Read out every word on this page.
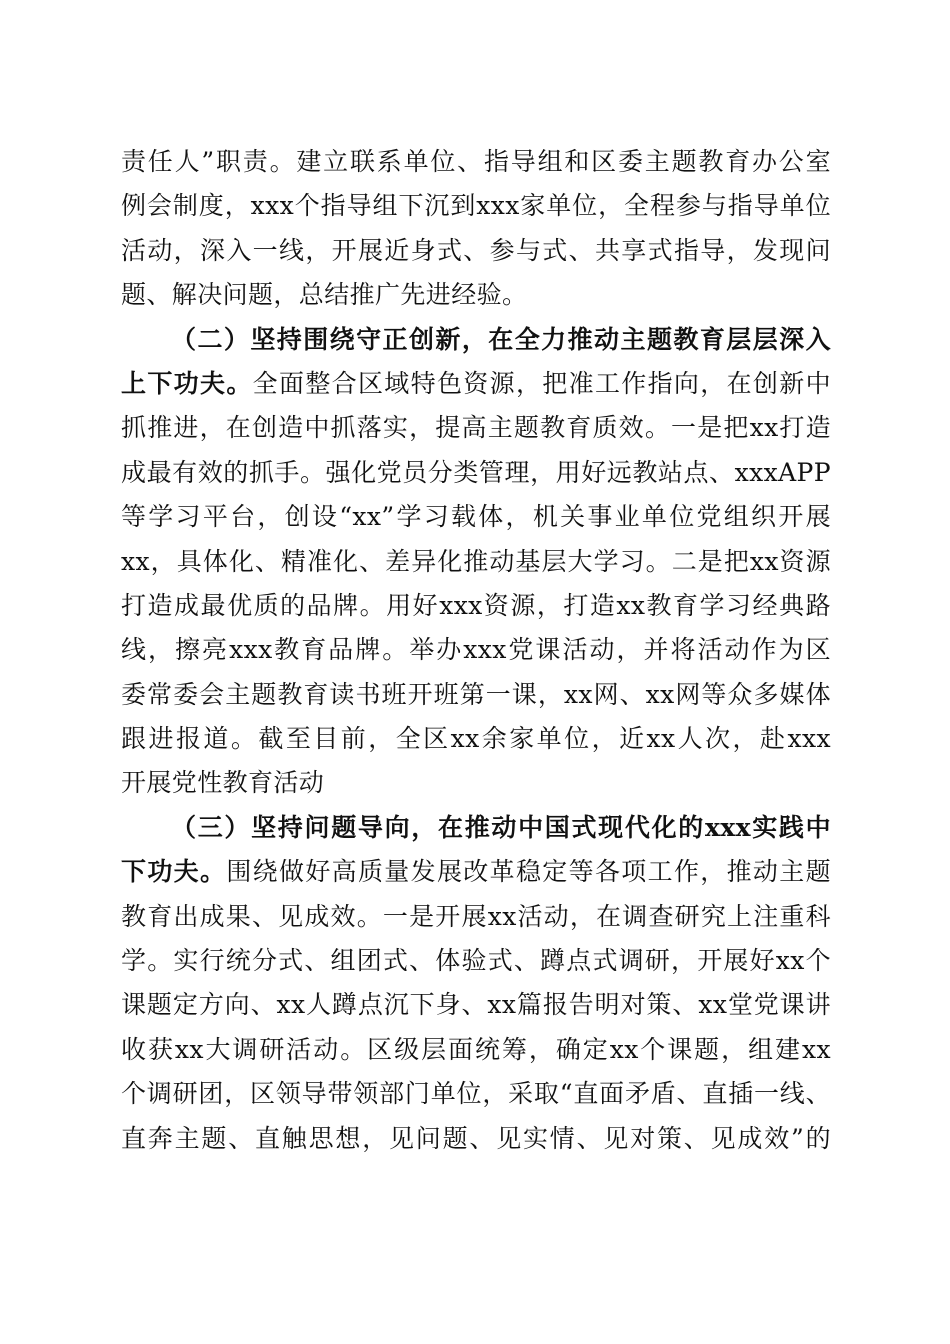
责任人”职责。建立联系单位、指导组和区委主题教育办公室
例会制度，xxx个指导组下沉到xxx家单位，全程参与指导单位
活动，深入一线，开展近身式、参与式、共享式指导，发现问
题、解决问题，总结推广先进经验。
（二）坚持围绕守正创新，在全力推动主题教育层层深入
上下功夫。全面整合区域特色资源，把准工作指向，在创新中
抓推进，在创造中抓落实，提高主题教育质效。一是把xx打造
成最有效的抓手。强化党员分类管理，用好远教站点、xxxAPP
等学习平台，创设“xx”学习载体，机关事业单位党组织开展
xx，具体化、精准化、差异化推动基层大学习。二是把xx资源
打造成最优质的品牌。用好xxx资源，打造xx教育学习经典路
线，擦亮xxx教育品牌。举办xxx党课活动，并将活动作为区
委常委会主题教育读书班开班第一课，xx网、xx网等众多媒体
跟进报道。截至目前，全区xx余家单位，近xx人次，赴xxx
开展党性教育活动
（三）坚持问题导向，在推动中国式现代化的xxx实践中
下功夫。围绕做好高质量发展改革稳定等各项工作，推动主题
教育出成果、见成效。一是开展xx活动，在调查研究上注重科
学。实行统分式、组团式、体验式、蹲点式调研，开展好xx个
课题定方向、xx人蹲点沉下身、xx篇报告明对策、xx堂党课讲
收获xx大调研活动。区级层面统筹，确定xx个课题，组建xx
个调研团，区领导带领部门单位，采取“直面矛盾、直插一线、
直奔主题、直触思想，见问题、见实情、见对策、见成效”的
